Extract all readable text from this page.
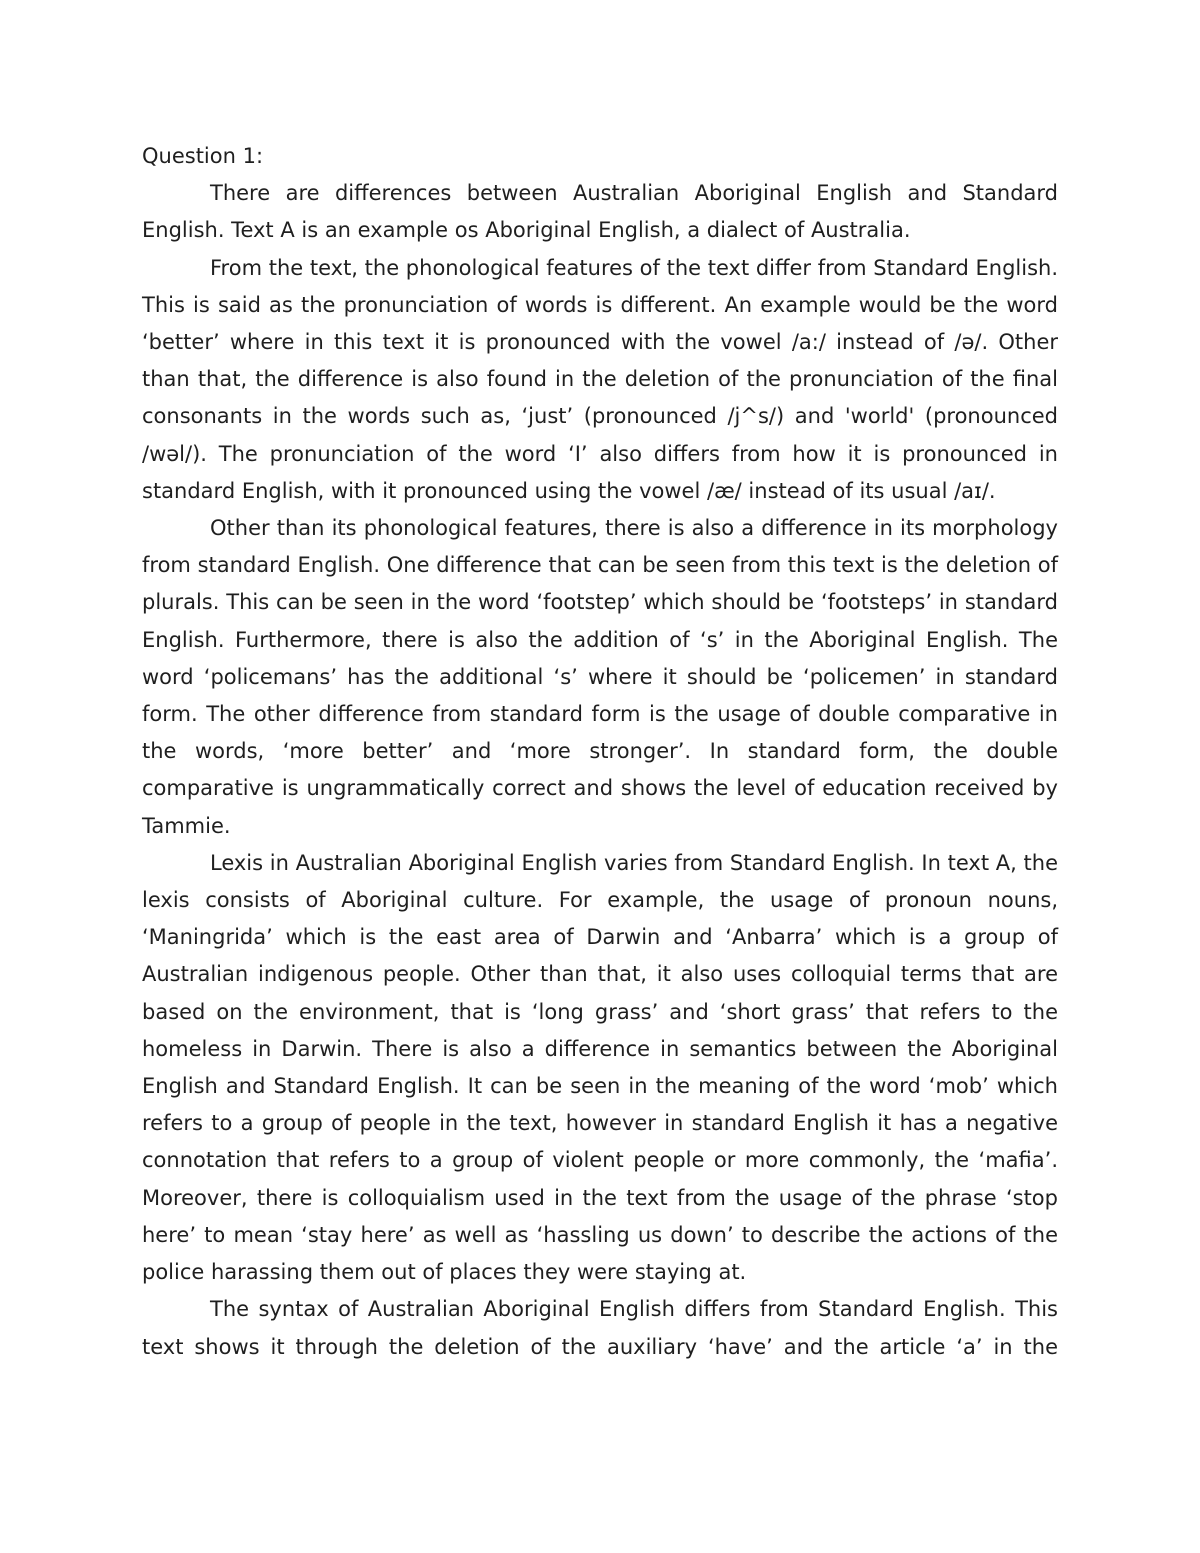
Question 1:

There are differences between Australian Aboriginal English and Standard English. Text A is an example os Aboriginal English, a dialect of Australia.

From the text, the phonological features of the text differ from Standard English. This is said as the pronunciation of words is different. An example would be the word ‘better’ where in this text it is pronounced with the vowel /a:/ instead of /ə/. Other than that, the difference is also found in the deletion of the pronunciation of the final consonants in the words such as, ‘just’ (pronounced /j^s/) and 'world' (pronounced /wəl/). The pronunciation of the word ‘I’ also differs from how it is pronounced in standard English, with it pronounced using the vowel /æ/ instead of its usual /aɪ/.

Other than its phonological features, there is also a difference in its morphology from standard English. One difference that can be seen from this text is the deletion of plurals. This can be seen in the word ‘footstep’ which should be ‘footsteps’ in standard English. Furthermore, there is also the addition of ‘s’ in the Aboriginal English. The word ‘policemans’ has the additional ‘s’ where it should be ‘policemen’ in standard form. The other difference from standard form is the usage of double comparative in the words, ‘more better’ and ‘more stronger’. In standard form, the double comparative is ungrammatically correct and shows the level of education received by Tammie.

Lexis in Australian Aboriginal English varies from Standard English. In text A, the lexis consists of Aboriginal culture. For example, the usage of pronoun nouns, ‘Maningrida’ which is the east area of Darwin and ‘Anbarra’ which is a group of Australian indigenous people. Other than that, it also uses colloquial terms that are based on the environment, that is ‘long grass’ and ‘short grass’ that refers to the homeless in Darwin. There is also a difference in semantics between the Aboriginal English and Standard English. It can be seen in the meaning of the word ‘mob’ which refers to a group of people in the text, however in standard English it has a negative connotation that refers to a group of violent people or more commonly, the ‘mafia’. Moreover, there is colloquialism used in the text from the usage of the phrase ‘stop here’ to mean ‘stay here’ as well as ‘hassling us down’ to describe the actions of the police harassing them out of places they were staying at.

The syntax of Australian Aboriginal English differs from Standard English. This text shows it through the deletion of the auxiliary ‘have’ and the article ‘a’ in the
